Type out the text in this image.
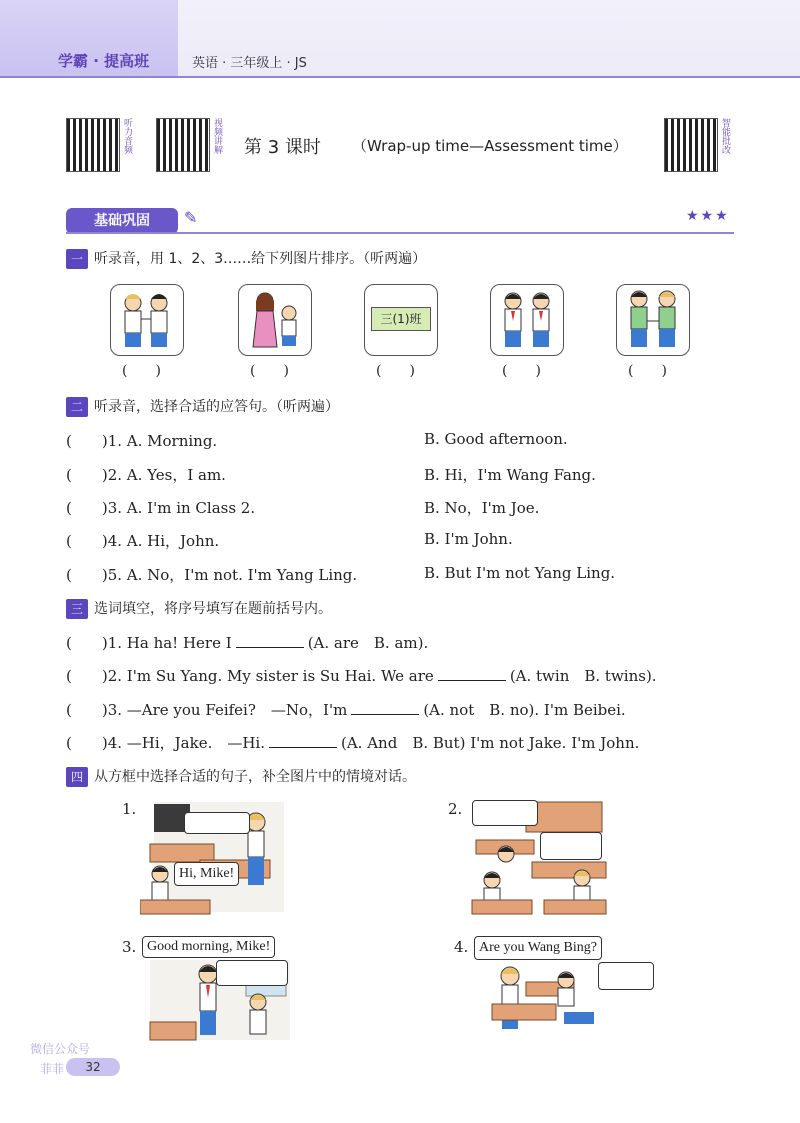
学霸 · 提高班	英语 · 三年级上 · JS
听力音频	视频讲解	智能批改
第 3 课时 （Wrap-up time—Assessment time）
基础巩固	✎	★★★
一 听录音，用 1、2、3……给下列图片排序。（听两遍）
三(1)班
(　　)	(　　)	(　　)	(　　)	(　　)
二 听录音，选择合适的应答句。（听两遍）
(　　)1. A. Morning.	B. Good afternoon.
(　　)2. A. Yes，I am.	B. Hi，I'm Wang Fang.
(　　)3. A. I'm in Class 2.	B. No，I'm Joe.
(　　)4. A. Hi，John.	B. I'm John.
(　　)5. A. No，I'm not. I'm Yang Ling.	B. But I'm not Yang Ling.
三 选词填空，将序号填写在题前括号内。
(　　)1. Ha ha! Here I	(A. are　B. am).
(　　)2. I'm Su Yang. My sister is Su Hai. We are	(A. twin　B. twins).
(　　)3. —Are you Feifei?　—No，I'm	(A. not　B. no). I'm Beibei.
(　　)4. —Hi，Jake.　—Hi.	(A. And　B. But) I'm not Jake. I'm John.
四 从方框中选择合适的句子，补全图片中的情境对话。
1.
Hi, Mike!
2.
3. Good morning, Mike!	4. Are you Wang Bing?
微信公众号
菲菲	32
